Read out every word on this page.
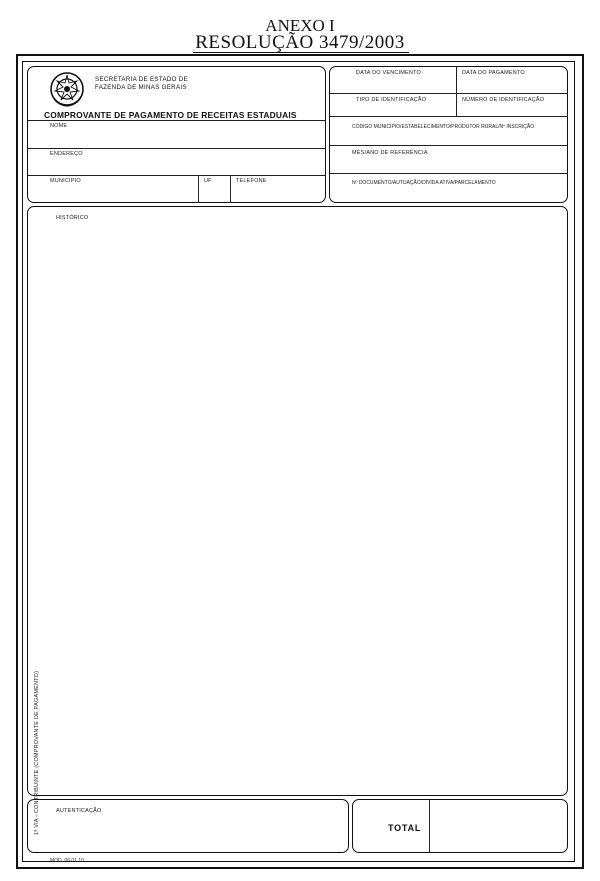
ANEXO I
RESOLUÇÃO 3479/2003
SECRETARIA DE ESTADO DE
FAZENDA DE MINAS GERAIS
COMPROVANTE DE PAGAMENTO DE RECEITAS ESTADUAIS
NOME
ENDEREÇO
MUNICÍPIO	UF	TELEFONE
DATA DO VENCIMENTO	DATA DO PAGAMENTO
TIPO DE IDENTIFICAÇÃO	NÚMERO DE IDENTIFICAÇÃO
CÓDIGO MUNICÍPIO/ESTABELECIMENTO/PRODUTOR RURAL/Nº INSCRIÇÃO
MÊS/ANO DE REFERÊNCIA
Nº DOCUMENTO/AUTUAÇÃO/DÍVIDA ATIVA/PARCELAMENTO
HISTÓRICO
1ª VIA - CONTRIBUINTE (COMPROVANTE DE PAGAMENTO)	AUTENTICAÇÃO
TOTAL
MOD. 06.01.10
